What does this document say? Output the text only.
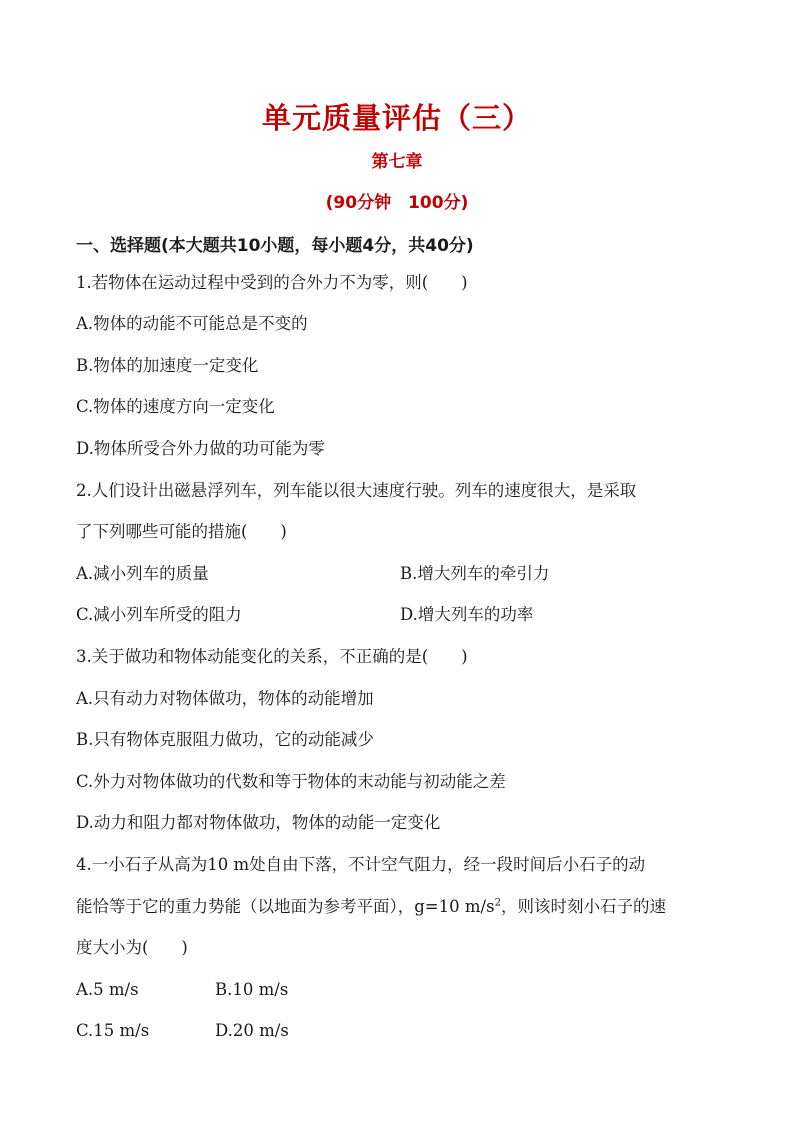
单元质量评估（三）
第七章
(90分钟　100分)
一、选择题(本大题共10小题，每小题4分，共40分)
1.若物体在运动过程中受到的合外力不为零，则(　　)
A.物体的动能不可能总是不变的
B.物体的加速度一定变化
C.物体的速度方向一定变化
D.物体所受合外力做的功可能为零
2.人们设计出磁悬浮列车，列车能以很大速度行驶。列车的速度很大，是采取
了下列哪些可能的措施(　　)
A.减小列车的质量	B.增大列车的牵引力
C.减小列车所受的阻力	D.增大列车的功率
3.关于做功和物体动能变化的关系，不正确的是(　　)
A.只有动力对物体做功，物体的动能增加
B.只有物体克服阻力做功，它的动能减少
C.外力对物体做功的代数和等于物体的末动能与初动能之差
D.动力和阻力都对物体做功，物体的动能一定变化
4.一小石子从高为10 m处自由下落，不计空气阻力，经一段时间后小石子的动
能恰等于它的重力势能（以地面为参考平面），g=10 $m/s^2$，则该时刻小石子的速
度大小为(　　)
A.5 m/s	B.10 m/s
C.15 m/s	D.20 m/s
